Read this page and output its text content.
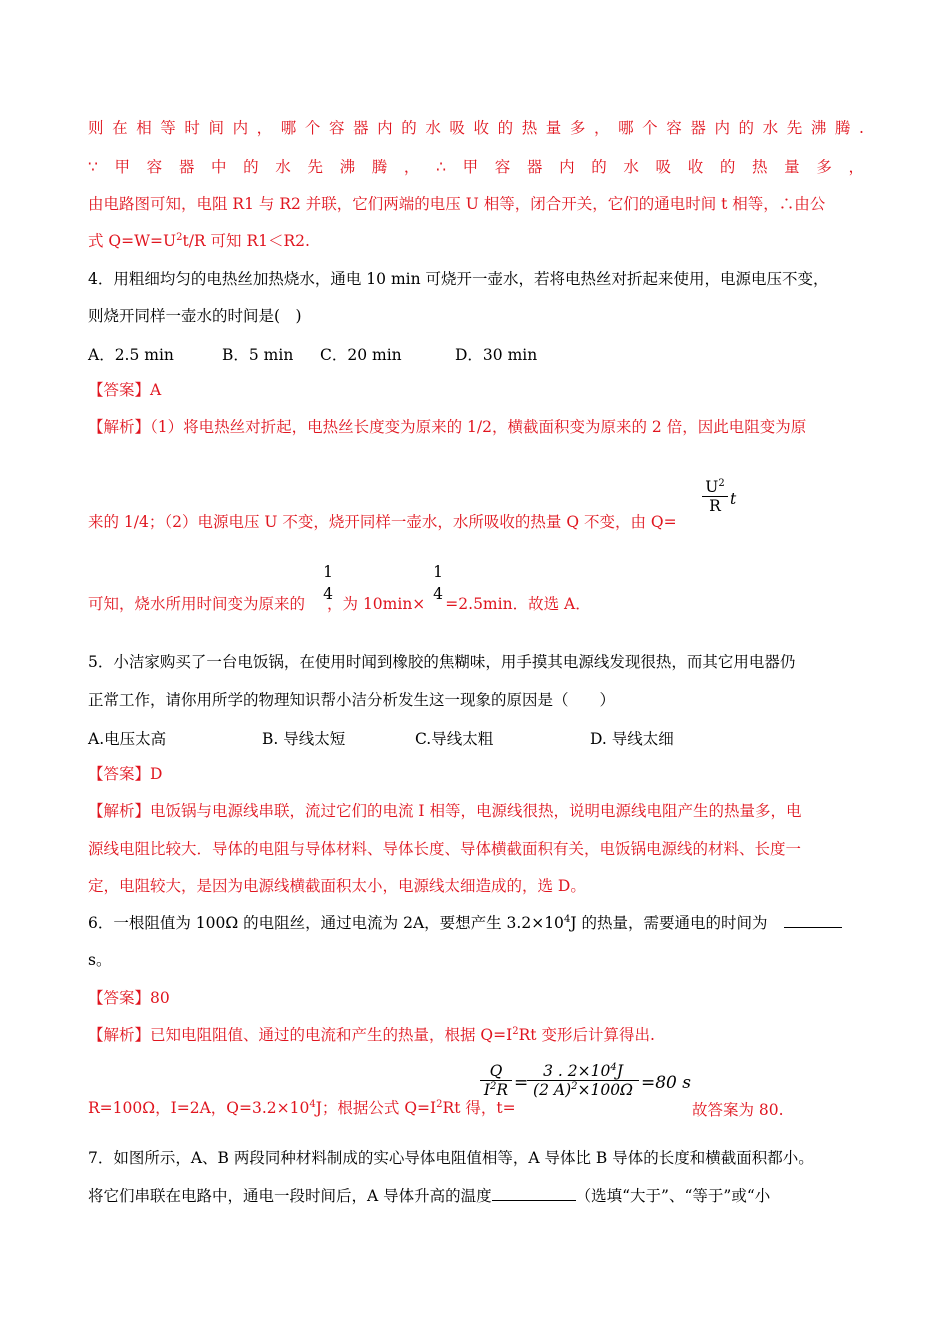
则 在 相 等 时 间 内 ， 哪 个 容 器 内 的 水 吸 收 的 热 量 多 ， 哪 个 容 器 内 的 水 先 沸 腾 .
∵ 甲 容 器 中 的 水 先 沸 腾 ， ∴ 甲 容 器 内 的 水 吸 收 的 热 量 多 ，
由电路图可知，电阻 R1 与 R2 并联，它们两端的电压 U 相等，闭合开关，它们的通电时间 t 相等，∴由公
式 $Q=W=U^2t/R$ 可知 R1＜R2.
4．用粗细均匀的电热丝加热烧水，通电 10 min 可烧开一壶水，若将电热丝对折起来使用，电源电压不变，
则烧开同样一壶水的时间是(　)
A．2.5 min	B．5 min C．20 min	D．30 min
【答案】A
【解析】（1）将电热丝对折起，电热丝长度变为原来的 1/2，横截面积变为原来的 2 倍，因此电阻变为原
来的 1/4；（2）电源电压 U 不变，烧开同样一壶水，水所吸收的热量 Q 不变，由 Q=
$\frac{U^2}{R}$ t
可知，烧水所用时间变为原来的 ，为 10min× =2.5min．故选 A．
1
4
1
4
5．小洁家购买了一台电饭锅，在使用时闻到橡胶的焦糊味，用手摸其电源线发现很热，而其它用电器仍
正常工作，请你用所学的物理知识帮小洁分析发生这一现象的原因是（　　）
A.电压太高	B. 导线太短	C.导线太粗	D. 导线太细
【答案】D
【解析】电饭锅与电源线串联，流过它们的电流 I 相等，电源线很热，说明电源线电阻产生的热量多，电
源线电阻比较大．导体的电阻与导体材料、导体长度、导体横截面积有关，电饭锅电源线的材料、长度一
定，电阻较大，是因为电源线横截面积太小，电源线太细造成的，选 D。
6．一根阻值为 100Ω 的电阻丝，通过电流为 2A，要想产生 $3.2\times 10^4J$ 的热量，需要通电的时间为
s。
【答案】80
【解析】已知电阻阻值、通过的电流和产生的热量，根据 $Q=I^2Rt$ 变形后计算得出.
R=100Ω，I=2A，$Q=3.2\times 10^4J$；根据公式 $Q=I^2Rt$ 得，t=
$\frac{Q}{I^2R}$ =
$\frac{3 . 2\times 10^4J}{(2 A)^2\times 100\Omega} =80$ s
故答案为 80.
7．如图所示，A、B 两段同种材料制成的实心导体电阻值相等，A 导体比 B 导体的长度和横截面积都小。
将它们串联在电路中，通电一段时间后，A 导体升高的温度	（选填“大于”、“等于”或“小
